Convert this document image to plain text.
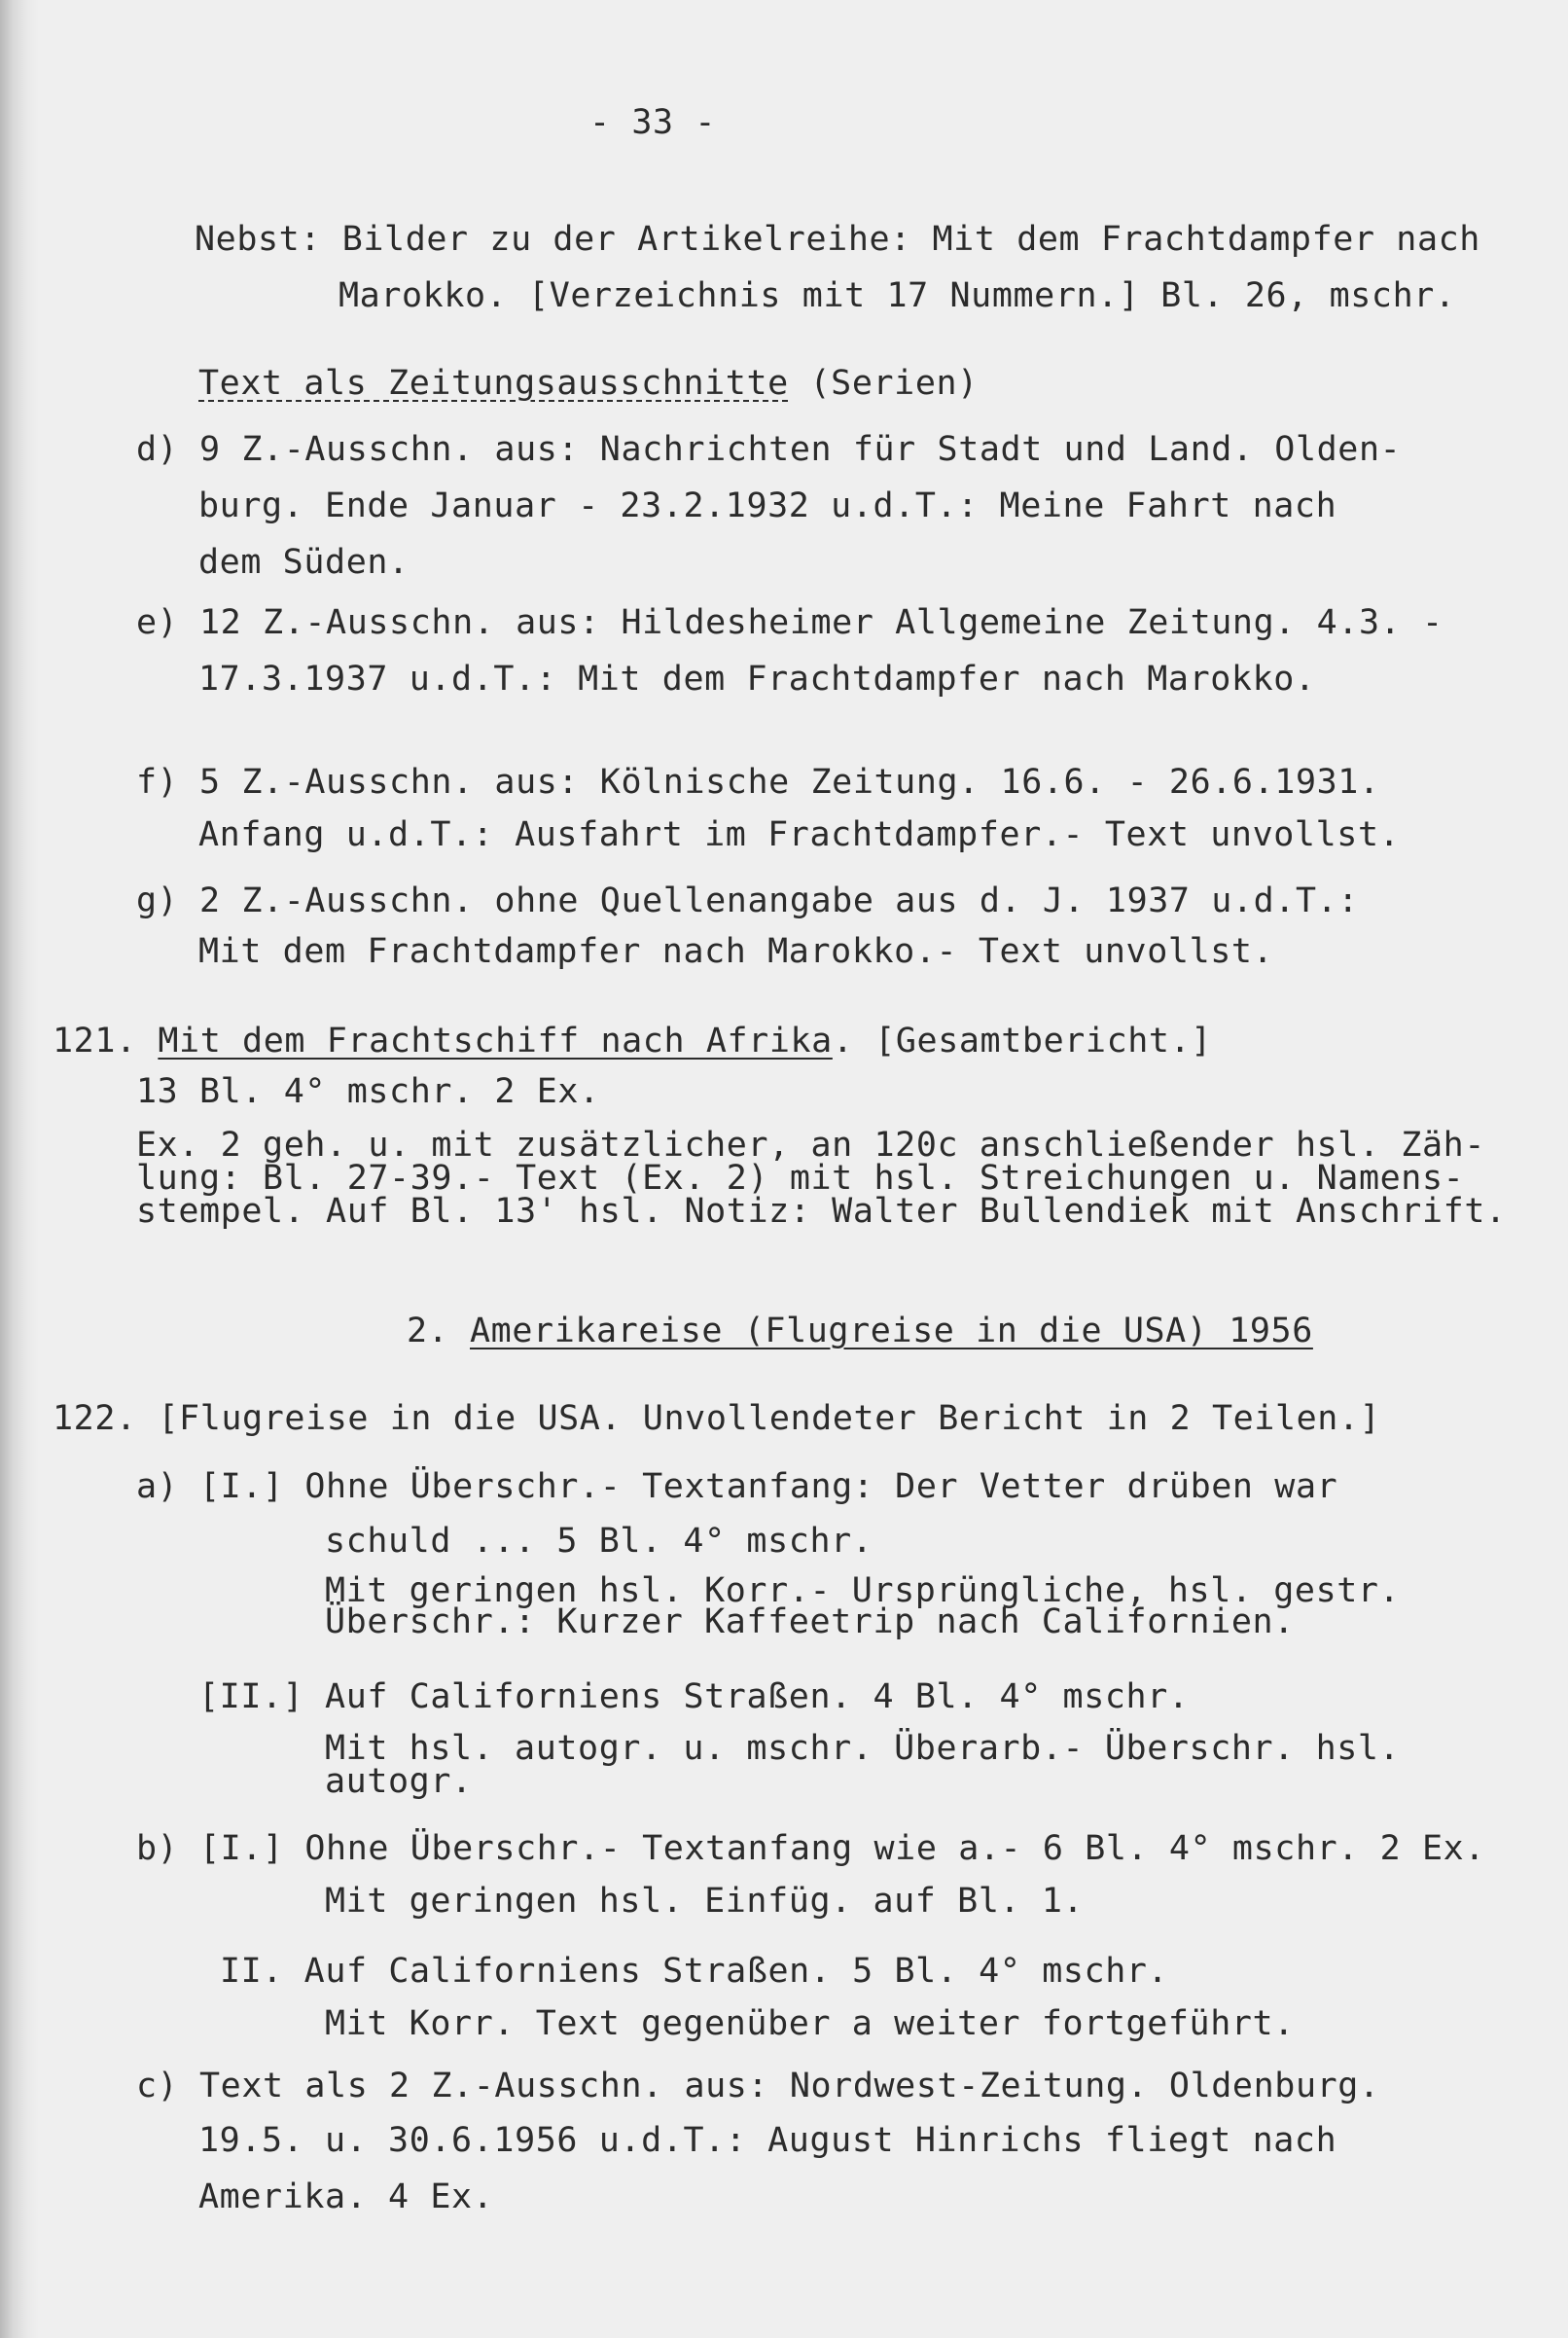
- 33 -
Nebst: Bilder zu der Artikelreihe: Mit dem Frachtdampfer nach
Marokko. [Verzeichnis mit 17 Nummern.] Bl. 26, mschr.
Text als Zeitungsausschnitte (Serien)
d) 9 Z.-Ausschn. aus: Nachrichten für Stadt und Land. Olden-
burg. Ende Januar - 23.2.1932 u.d.T.: Meine Fahrt nach
dem Süden.
e) 12 Z.-Ausschn. aus: Hildesheimer Allgemeine Zeitung. 4.3. -
17.3.1937 u.d.T.: Mit dem Frachtdampfer nach Marokko.
f) 5 Z.-Ausschn. aus: Kölnische Zeitung. 16.6. - 26.6.1931.
Anfang u.d.T.: Ausfahrt im Frachtdampfer.- Text unvollst.
g) 2 Z.-Ausschn. ohne Quellenangabe aus d. J. 1937 u.d.T.:
Mit dem Frachtdampfer nach Marokko.- Text unvollst.
121. Mit dem Frachtschiff nach Afrika. [Gesamtbericht.]
13 Bl. 4° mschr. 2 Ex.
Ex. 2 geh. u. mit zusätzlicher, an 120c anschließender hsl. Zäh-
lung: Bl. 27-39.- Text (Ex. 2) mit hsl. Streichungen u. Namens-
stempel. Auf Bl. 13' hsl. Notiz: Walter Bullendiek mit Anschrift.
2. Amerikareise (Flugreise in die USA) 1956
122. [Flugreise in die USA. Unvollendeter Bericht in 2 Teilen.]
a) [I.] Ohne Überschr.- Textanfang: Der Vetter drüben war
schuld ... 5 Bl. 4° mschr.
Mit geringen hsl. Korr.- Ursprüngliche, hsl. gestr.
Überschr.: Kurzer Kaffeetrip nach Californien.
[II.] Auf Californiens Straßen. 4 Bl. 4° mschr.
Mit hsl. autogr. u. mschr. Überarb.- Überschr. hsl.
autogr.
b) [I.] Ohne Überschr.- Textanfang wie a.- 6 Bl. 4° mschr. 2 Ex.
Mit geringen hsl. Einfüg. auf Bl. 1.
II. Auf Californiens Straßen. 5 Bl. 4° mschr.
Mit Korr. Text gegenüber a weiter fortgeführt.
c) Text als 2 Z.-Ausschn. aus: Nordwest-Zeitung. Oldenburg.
19.5. u. 30.6.1956 u.d.T.: August Hinrichs fliegt nach
Amerika. 4 Ex.
